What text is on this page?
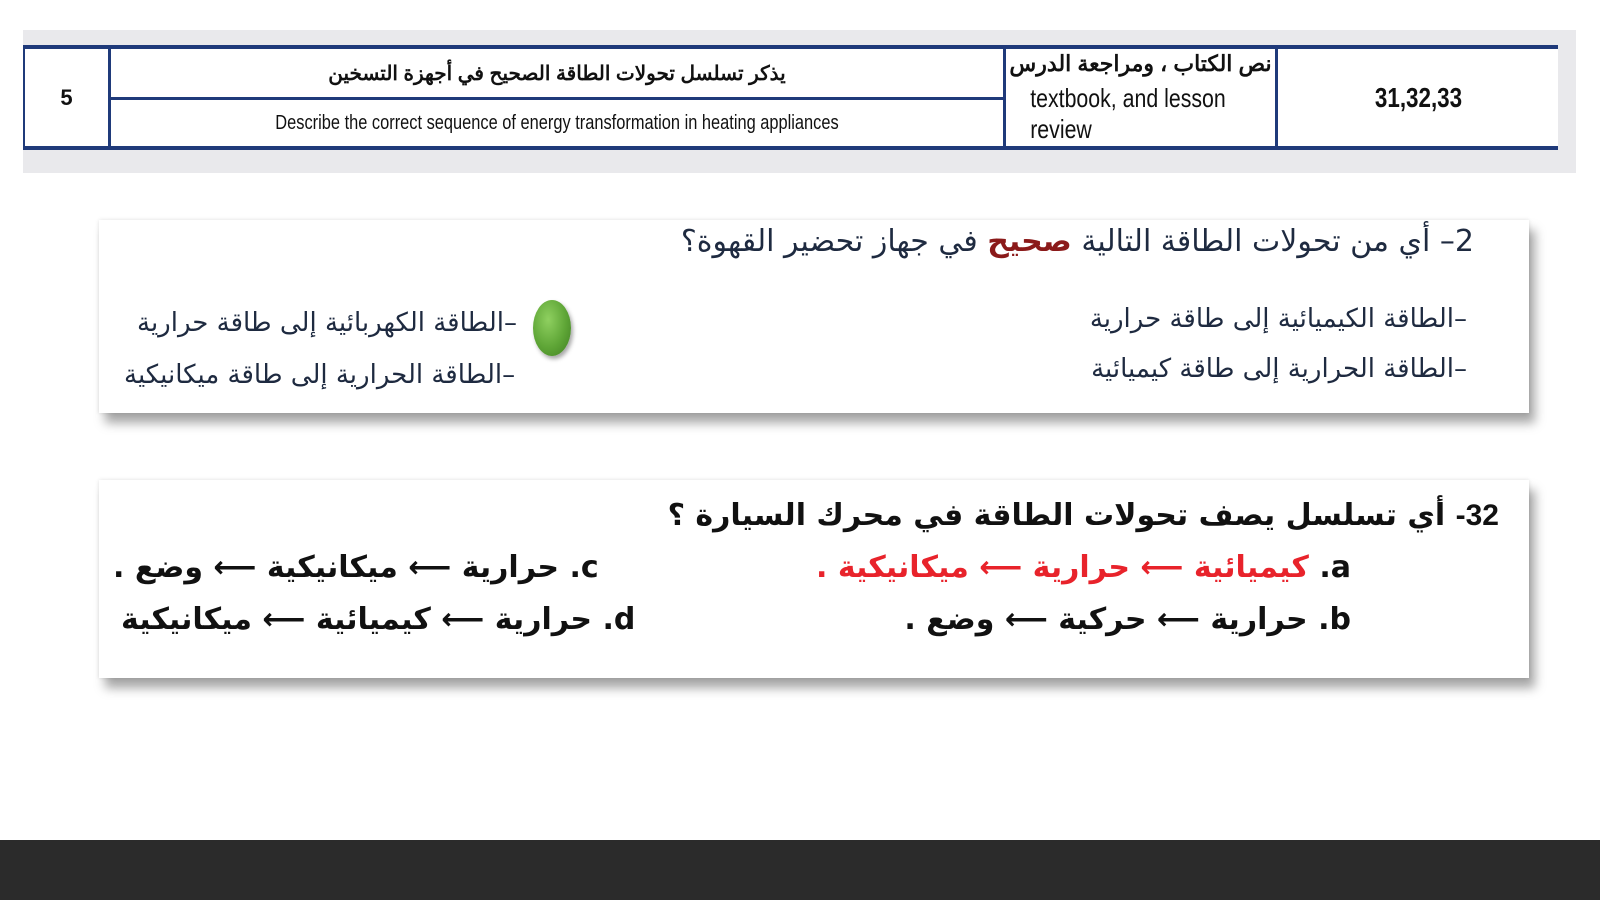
5
يذكر تسلسل تحولات الطاقة الصحيح في أجهزة التسخين
Describe the correct sequence of energy transformation in heating appliances
نص الكتاب ، ومراجعة الدرس
textbook, and lesson review
31,32,33
2– أي من تحولات الطاقة التالية صحيح في جهاز تحضير القهوة؟
–الطاقة الكيميائية إلى طاقة حرارية
–الطاقة الحرارية إلى طاقة كيميائية
–الطاقة الكهربائية إلى طاقة حرارية
–الطاقة الحرارية إلى طاقة ميكانيكية
32- أي تسلسل يصف تحولات الطاقة في محرك السيارة ؟
a. كيميائية ⟵ حرارية ⟵ ميكانيكية .
b. حرارية ⟵ حركية ⟵ وضع .
c. حرارية ⟵ ميكانيكية ⟵ وضع .
d. حرارية ⟵ كيميائية ⟵ ميكانيكية
